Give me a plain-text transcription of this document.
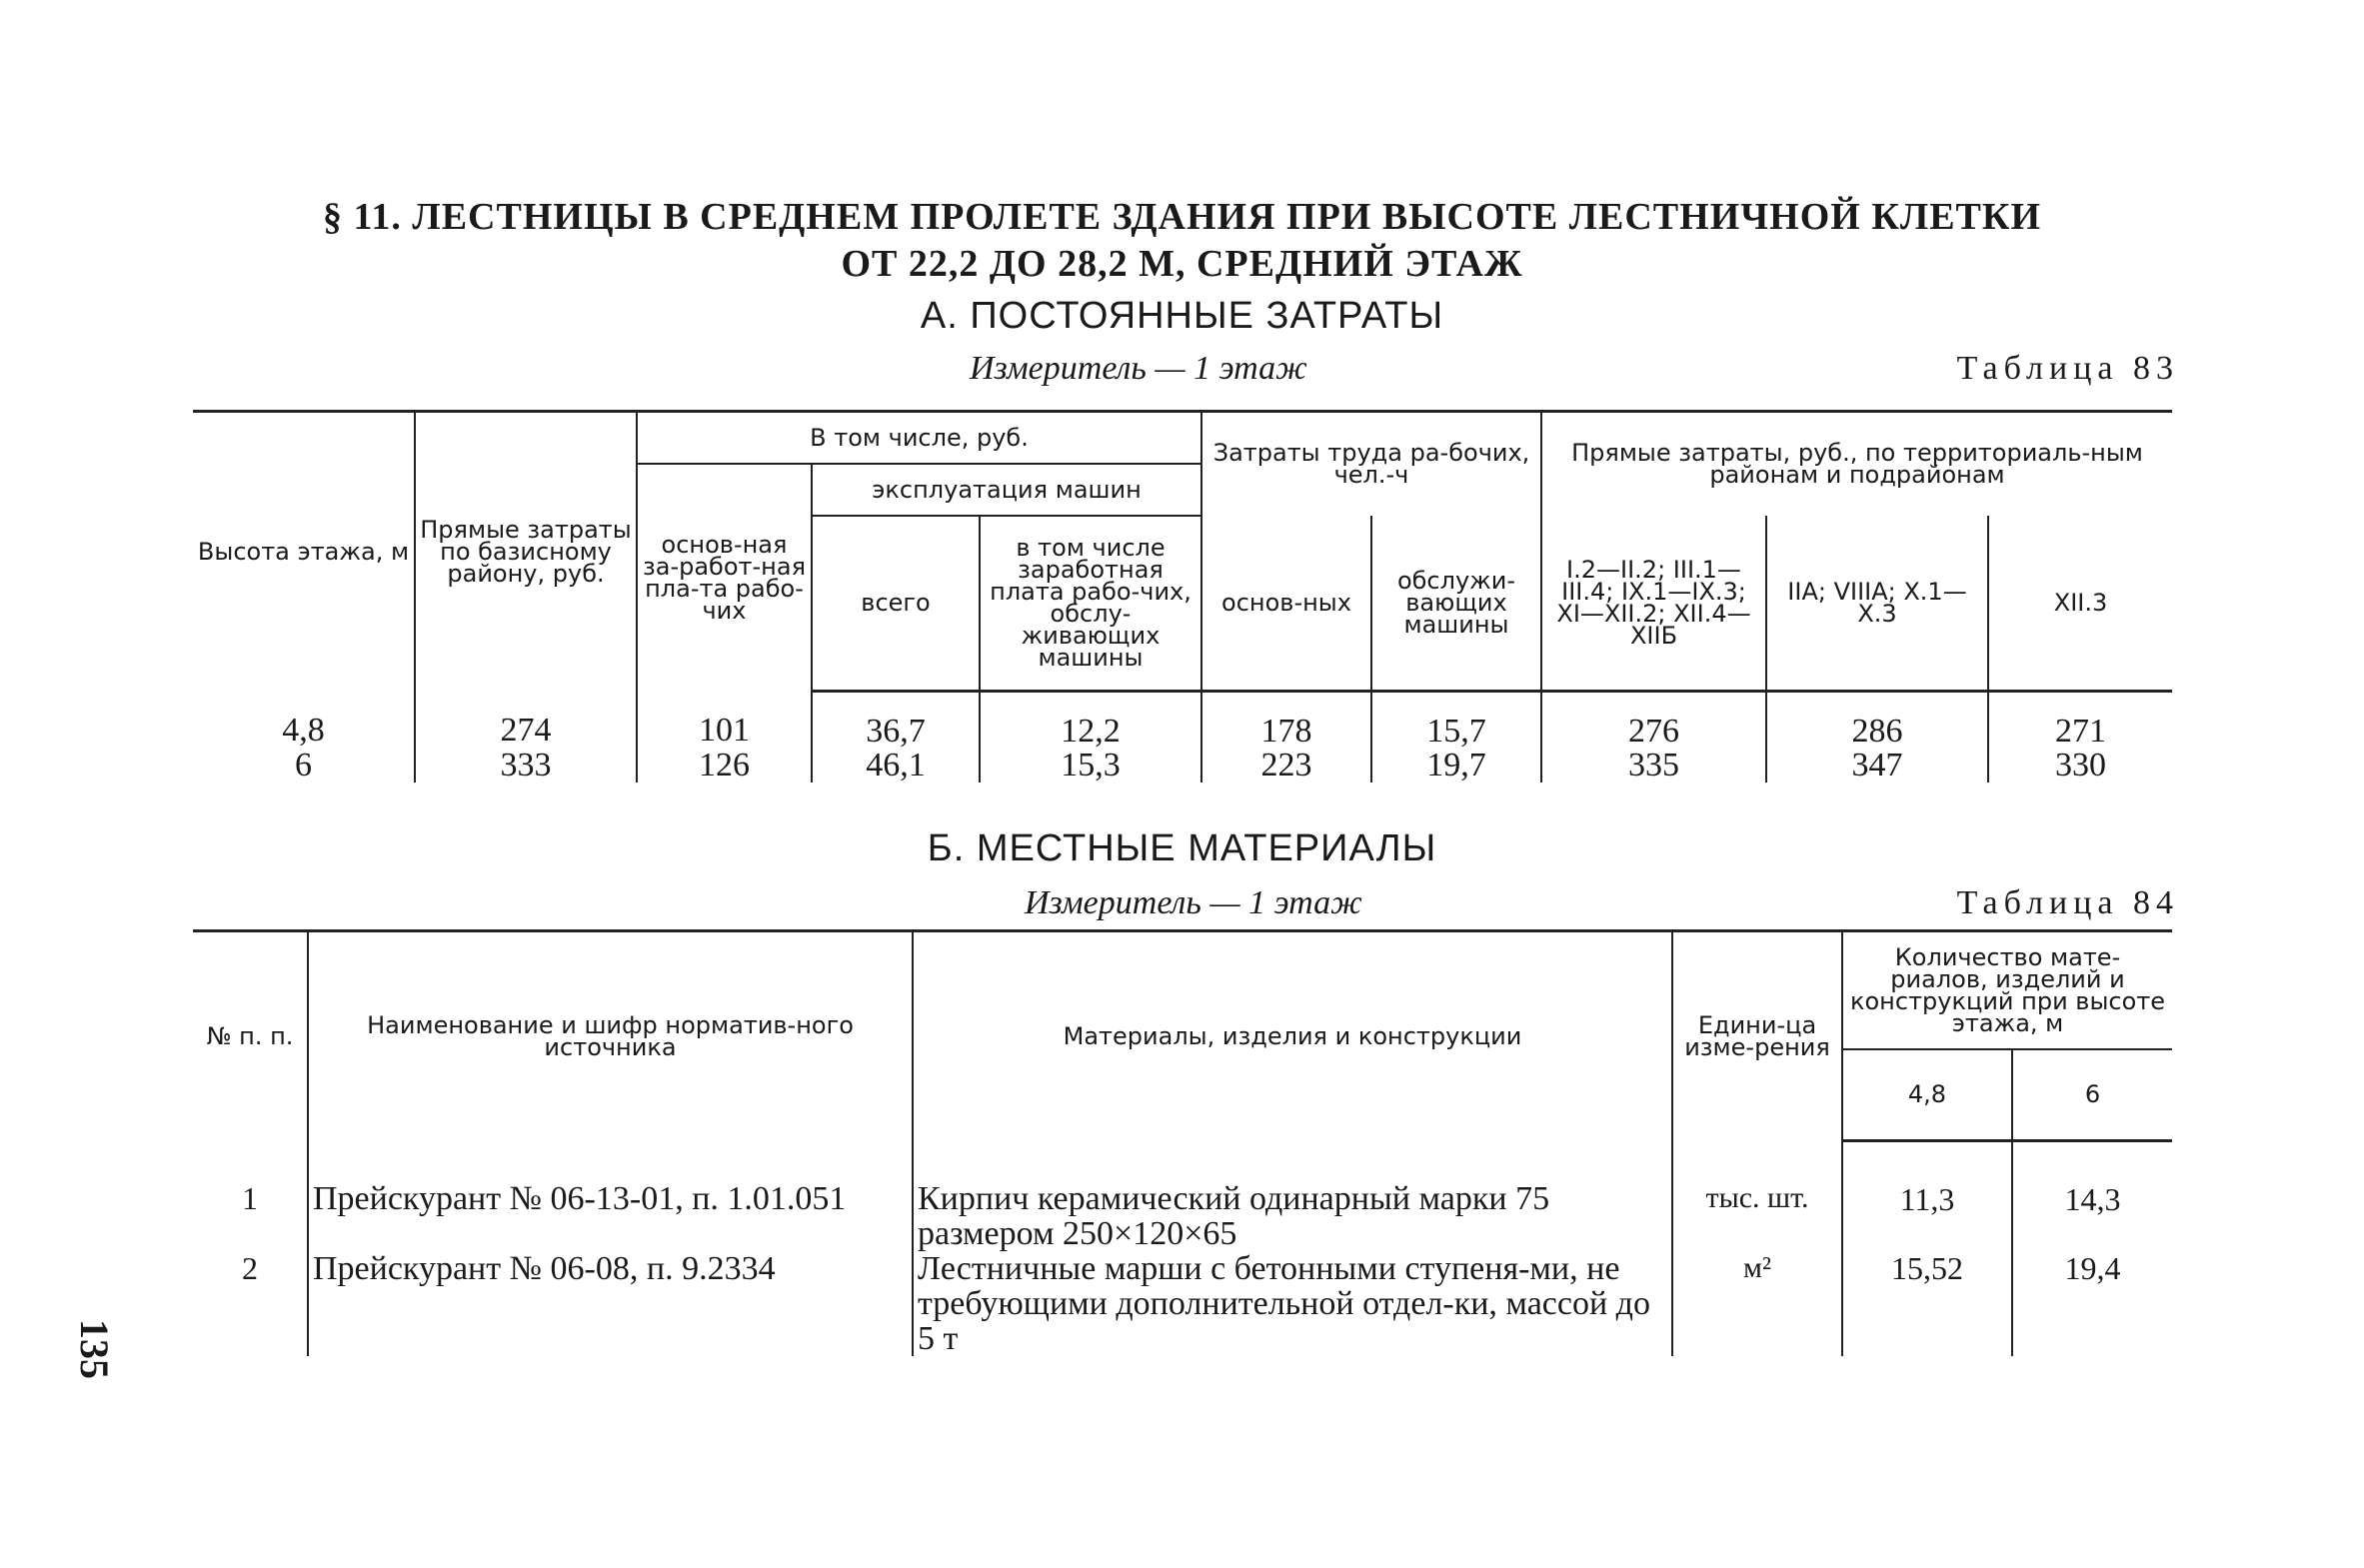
§ 11. ЛЕСТНИЦЫ В СРЕДНЕМ ПРОЛЕТЕ ЗДАНИЯ ПРИ ВЫСОТЕ ЛЕСТНИЧНОЙ КЛЕТКИ
ОТ 22,2 ДО 28,2 М, СРЕДНИЙ ЭТАЖ
А. ПОСТОЯННЫЕ ЗАТРАТЫ
Измеритель — 1 этаж	Таблица 83
Высота этажа, м	Прямые затраты по базисному району, руб.	В том числе, руб.			Затраты труда ра-бочих, чел.-ч		Прямые затраты, руб., по территориаль-ным районам и подрайонам		
		основ-ная за-работ-ная пла-та рабо-чих	эксплуатация машин						
			всего	в том числе заработная плата рабо-чих, обслу-живающих машины	основ-ных	обслужи-вающих машины	I.2—II.2; III.1—III.4; IX.1—IX.3; XI—XII.2; XII.4—XIIБ	IIА; VIIIА; X.1—X.3	XII.3
4,8	274	101	36,7	12,2	178	15,7	276	286	271
6	333	126	46,1	15,3	223	19,7	335	347	330
Б. МЕСТНЫЕ МАТЕРИАЛЫ
Измеритель — 1 этаж	Таблица 84
№ п. п.	Наименование и шифр норматив-ного источника	Материалы, изделия и конструкции	Едини-ца изме-рения	Количество мате-риалов, изделий и конструкций при высоте этажа, м	
				4,8	6
1	Прейскурант № 06-13-01, п. 1.01.051	Кирпич керамический одинарный марки 75 размером 250×120×65	тыс. шт.	11,3	14,3
2	Прейскурант № 06-08, п. 9.2334	Лестничные марши с бетонными ступеня-ми, не требующими дополнительной отдел-ки, массой до 5 т	м²	15,52	19,4
135
